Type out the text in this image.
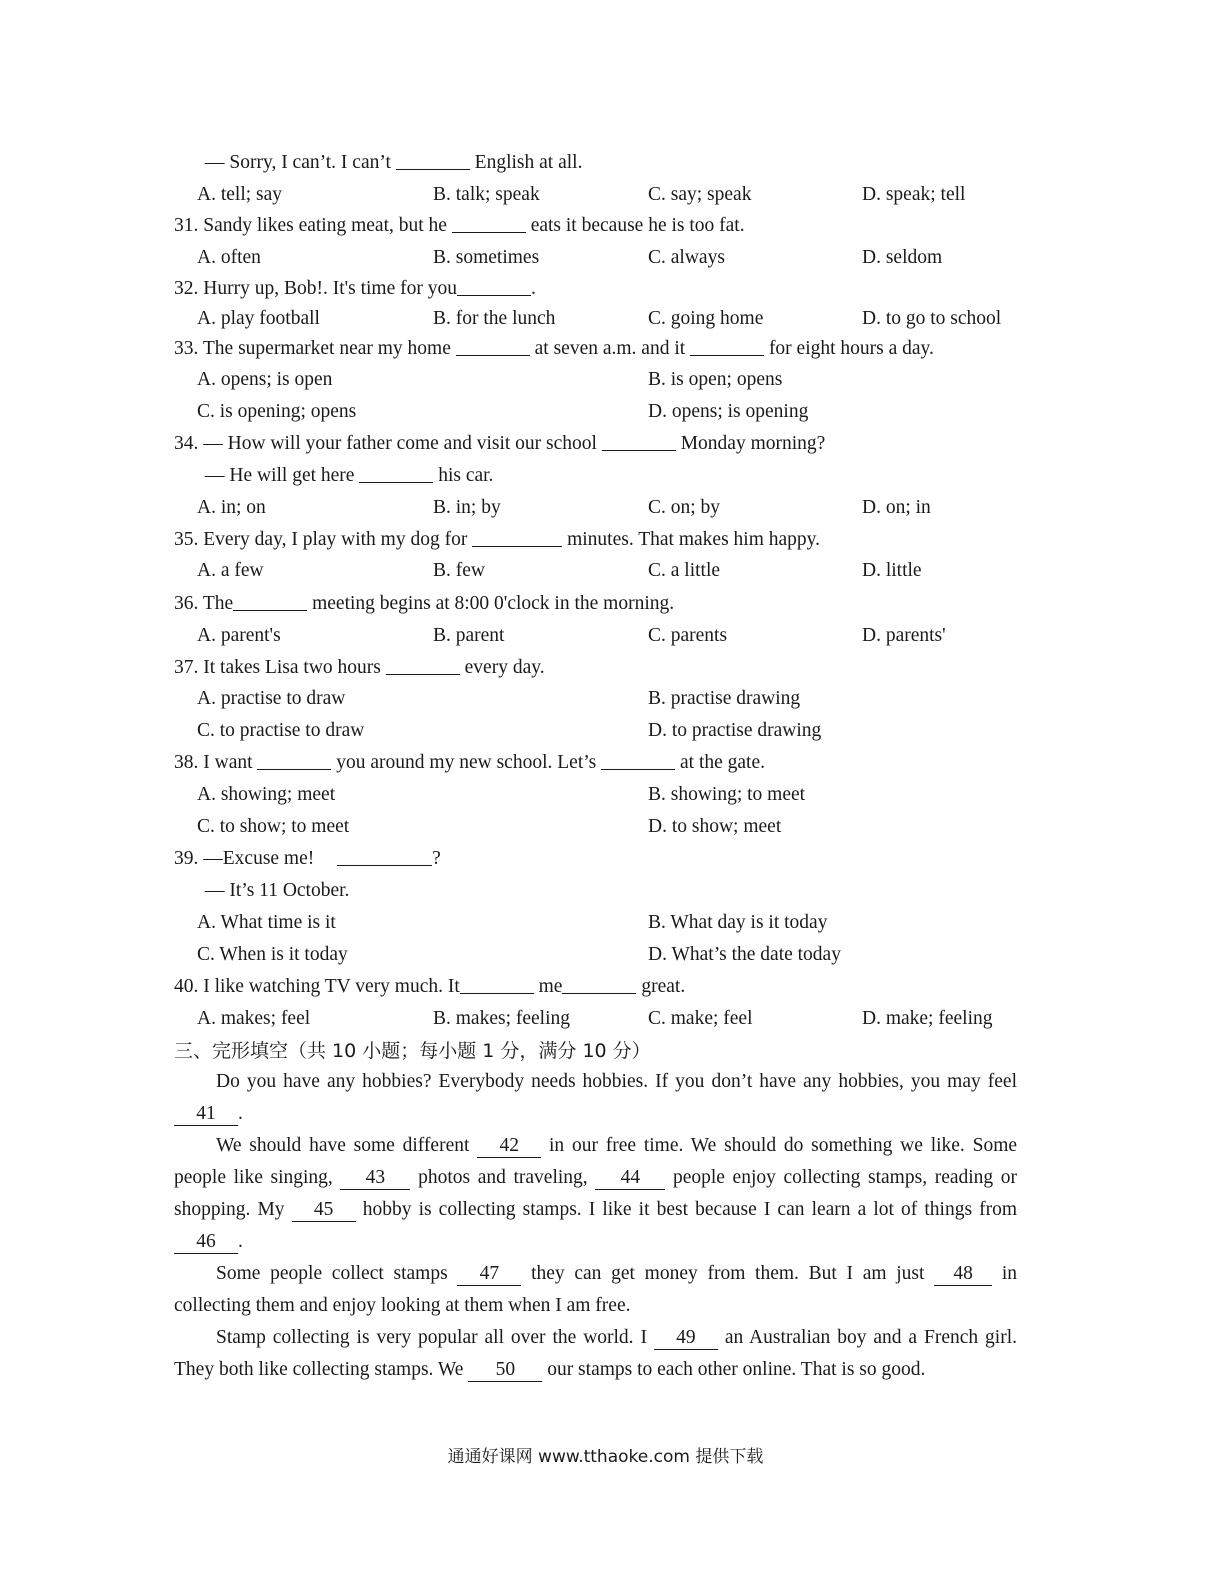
— Sorry, I can’t. I can’t	English at all.
A. tell; say	B. talk; speak	C. say; speak	D. speak; tell
31. Sandy likes eating meat, but he	eats it because he is too fat.
A. often	B. sometimes	C. always	D. seldom
32. Hurry up, Bob!. It's time for you	.
A. play football	B. for the lunch	C. going home	D. to go to school
33. The supermarket near my home	at seven a.m. and it	for eight hours a day.
A. opens; is open	B. is open; opens
C. is opening; opens	D. opens; is opening
34. — How will your father come and visit our school	Monday morning?
— He will get here	his car.
A. in; on	B. in; by	C. on; by	D. on; in
35. Every day, I play with my dog for	minutes. That makes him happy.
A. a few	B. few	C. a little	D. little
36. The	meeting begins at 8:00 0'clock in the morning.
A. parent's	B. parent	C. parents	D. parents'
37. It takes Lisa two hours	every day.
A. practise to draw	B. practise drawing
C. to practise to draw	D. to practise drawing
38. I want	you around my new school. Let’s	at the gate.
A. showing; meet	B. showing; to meet
C. to show; to meet	D. to show; meet
39. —Excuse me!	?
— It’s 11 October.
A. What time is it	B. What day is it today
C. When is it today	D. What’s the date today
40. I like watching TV very much. It	me	great.
A. makes; feel	B. makes; feeling	C. make; feel	D. make; feeling
三、完形填空（共 10 小题；每小题 1 分，满分 10 分）
Do you have any hobbies? Everybody needs hobbies. If you don’t have any hobbies, you may feel 41 .
We should have some different 42 in our free time. We should do something we like. Some people like singing, 43 photos and traveling, 44 people enjoy collecting stamps, reading or shopping. My 45 hobby is collecting stamps. I like it best because I can learn a lot of things from 46 .
Some people collect stamps 47 they can get money from them. But I am just 48 in collecting them and enjoy looking at them when I am free.
Stamp collecting is very popular all over the world. I 49 an Australian boy and a French girl. They both like collecting stamps. We 50 our stamps to each other online. That is so good.
通通好课网 www.tthaoke.com 提供下载
